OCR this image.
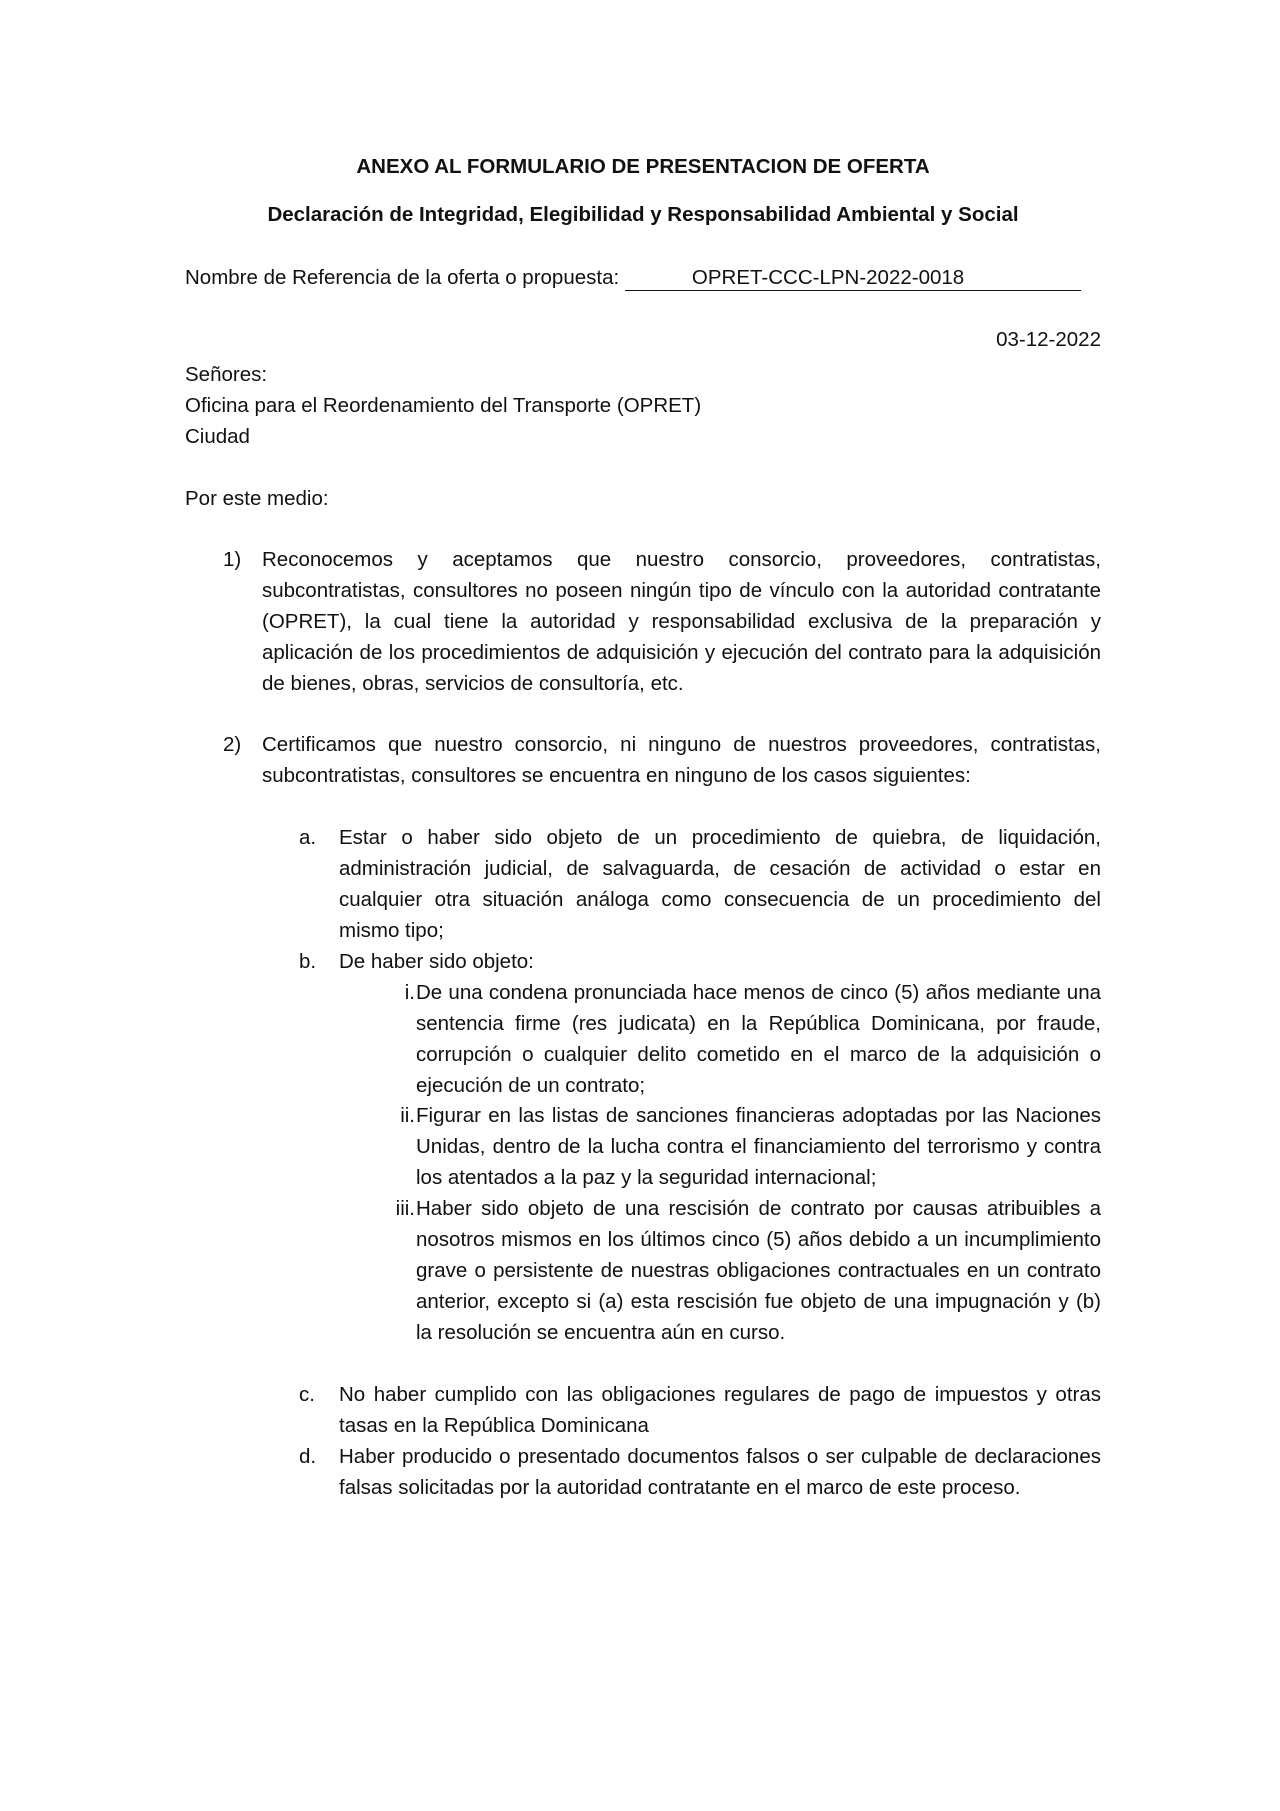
ANEXO AL FORMULARIO DE PRESENTACION DE OFERTA
Declaración de Integridad, Elegibilidad y Responsabilidad Ambiental y Social
Nombre de Referencia de la oferta o propuesta:	OPRET-CCC-LPN-2022-0018
03-12-2022
Señores:
Oficina para el Reordenamiento del Transporte (OPRET)
Ciudad
Por este medio:
1) Reconocemos y aceptamos que nuestro consorcio, proveedores, contratistas, subcontratistas, consultores no poseen ningún tipo de vínculo con la autoridad contratante (OPRET), la cual tiene la autoridad y responsabilidad exclusiva de la preparación y aplicación de los procedimientos de adquisición y ejecución del contrato para la adquisición de bienes, obras, servicios de consultoría, etc.
2) Certificamos que nuestro consorcio, ni ninguno de nuestros proveedores, contratistas, subcontratistas, consultores se encuentra en ninguno de los casos siguientes:
a. Estar o haber sido objeto de un procedimiento de quiebra, de liquidación, administración judicial, de salvaguarda, de cesación de actividad o estar en cualquier otra situación análoga como consecuencia de un procedimiento del mismo tipo;
b. De haber sido objeto:
i. De una condena pronunciada hace menos de cinco (5) años mediante una sentencia firme (res judicata) en la República Dominicana, por fraude, corrupción o cualquier delito cometido en el marco de la adquisición o ejecución de un contrato;
ii. Figurar en las listas de sanciones financieras adoptadas por las Naciones Unidas, dentro de la lucha contra el financiamiento del terrorismo y contra los atentados a la paz y la seguridad internacional;
iii. Haber sido objeto de una rescisión de contrato por causas atribuibles a nosotros mismos en los últimos cinco (5) años debido a un incumplimiento grave o persistente de nuestras obligaciones contractuales en un contrato anterior, excepto si (a) esta rescisión fue objeto de una impugnación y (b) la resolución se encuentra aún en curso.
c. No haber cumplido con las obligaciones regulares de pago de impuestos y otras tasas en la República Dominicana
d. Haber producido o presentado documentos falsos o ser culpable de declaraciones falsas solicitadas por la autoridad contratante en el marco de este proceso.
